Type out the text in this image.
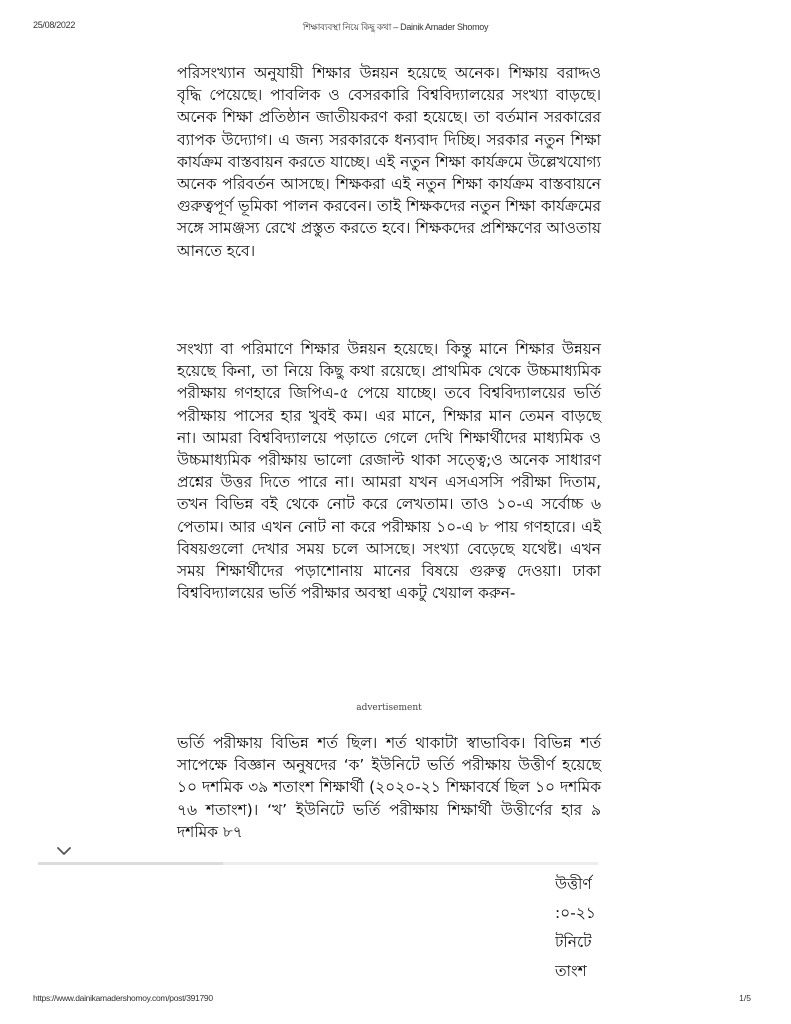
25/08/2022	শিক্ষাব্যবস্থা নিয়ে কিছু কথা – Dainik Amader Shomoy

পরিসংখ্যান অনুযায়ী শিক্ষার উন্নয়ন হয়েছে অনেক। শিক্ষায় বরাদ্দও বৃদ্ধি পেয়েছে। পাবলিক ও বেসরকারি বিশ্ববিদ্যালয়ের সংখ্যা বাড়ছে। অনেক শিক্ষা প্রতিষ্ঠান জাতীয়করণ করা হয়েছে। তা বর্তমান সরকারের ব্যাপক উদ্যোগ। এ জন্য সরকারকে ধন্যবাদ দিচ্ছি। সরকার নতুন শিক্ষা কার্যক্রম বাস্তবায়ন করতে যাচ্ছে। এই নতুন শিক্ষা কার্যক্রমে উল্লেখযোগ্য অনেক পরিবর্তন আসছে। শিক্ষকরা এই নতুন শিক্ষা কার্যক্রম বাস্তবায়নে গুরুত্বপূর্ণ ভূমিকা পালন করবেন। তাই শিক্ষকদের নতুন শিক্ষা কার্যক্রমের সঙ্গে সামঞ্জস্য রেখে প্রস্তুত করতে হবে। শিক্ষকদের প্রশিক্ষণের আওতায় আনতে হবে।

সংখ্যা বা পরিমাণে শিক্ষার উন্নয়ন হয়েছে। কিন্তু মানে শিক্ষার উন্নয়ন হয়েছে কিনা, তা নিয়ে কিছু কথা রয়েছে। প্রাথমিক থেকে উচ্চমাধ্যমিক পরীক্ষায় গণহারে জিপিএ-৫ পেয়ে যাচ্ছে। তবে বিশ্ববিদ্যালয়ের ভর্তি পরীক্ষায় পাসের হার খুবই কম। এর মানে, শিক্ষার মান তেমন বাড়ছে না। আমরা বিশ্ববিদ্যালয়ে পড়াতে গেলে দেখি শিক্ষার্থীদের মাধ্যমিক ও উচ্চমাধ্যমিক পরীক্ষায় ভালো রেজাল্ট থাকা সত্ত্বে;ও অনেক সাধারণ প্রশ্নের উত্তর দিতে পারে না। আমরা যখন এসএসসি পরীক্ষা দিতাম, তখন বিভিন্ন বই থেকে নোট করে লেখতাম। তাও ১০-এ সর্বোচ্চ ৬ পেতাম। আর এখন নোট না করে পরীক্ষায় ১০-এ ৮ পায় গণহারে। এই বিষয়গুলো দেখার সময় চলে আসছে। সংখ্যা বেড়েছে যথেষ্ট। এখন সময় শিক্ষার্থীদের পড়াশোনায় মানের বিষয়ে গুরুত্ব দেওয়া। ঢাকা বিশ্ববিদ্যালয়ের ভর্তি পরীক্ষার অবস্থা একটু খেয়াল করুন-

advertisement

ভর্তি পরীক্ষায় বিভিন্ন শর্ত ছিল। শর্ত থাকাটা স্বাভাবিক। বিভিন্ন শর্ত সাপেক্ষে বিজ্ঞান অনুষদের ‘ক’ ইউনিটে ভর্তি পরীক্ষায় উত্তীর্ণ হয়েছে ১০ দশমিক ৩৯ শতাংশ শিক্ষার্থী (২০২০-২১ শিক্ষাবর্ষে ছিল ১০ দশমিক ৭৬ শতাংশ)। ‘খ’ ইউনিটে ভর্তি পরীক্ষায় শিক্ষার্থী উত্তীর্ণের হার ৯ দশমিক ৮৭

উত্তীর্ণ
:০-২১
টনিটে
তাংশ
https://www.dainikamadershomoy.com/post/391790	1/5
